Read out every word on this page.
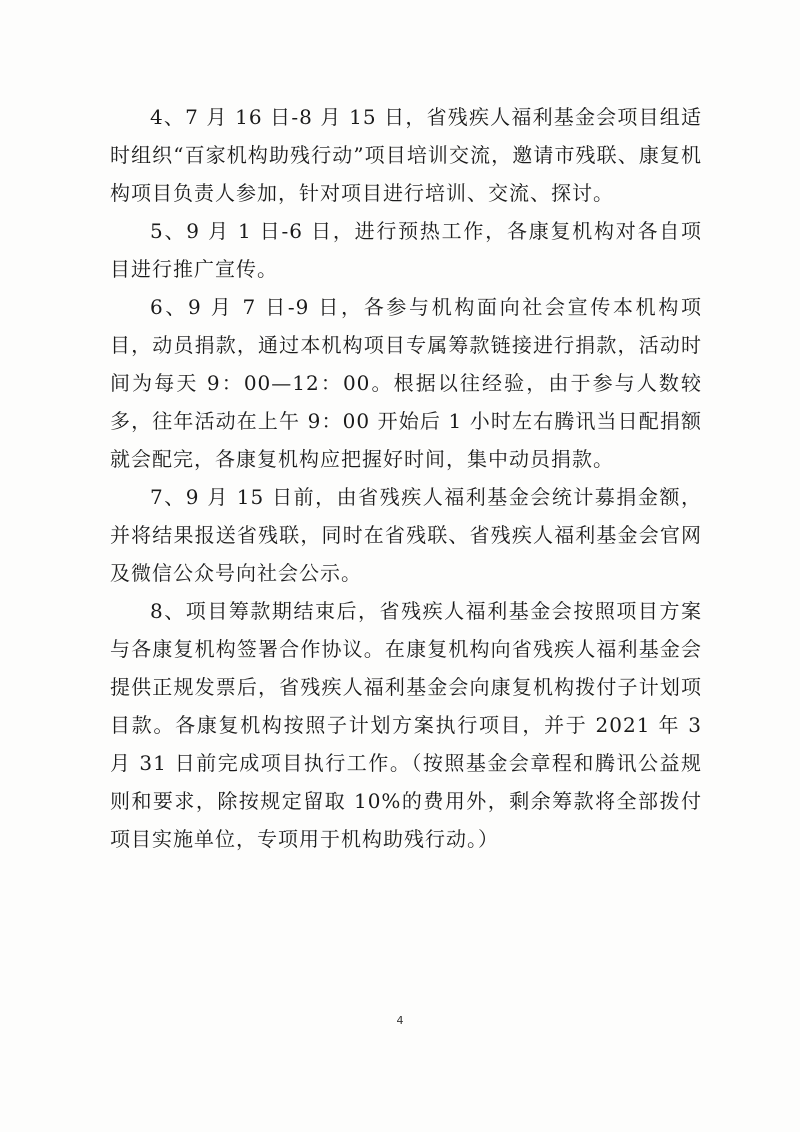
4、7 月 16 日-8 月 15 日，省残疾人福利基金会项目组适时组织“百家机构助残行动”项目培训交流，邀请市残联、康复机构项目负责人参加，针对项目进行培训、交流、探讨。

5、9 月 1 日-6 日，进行预热工作，各康复机构对各自项目进行推广宣传。

6、9 月 7 日-9 日，各参与机构面向社会宣传本机构项目，动员捐款，通过本机构项目专属筹款链接进行捐款，活动时间为每天 9：00—12：00。根据以往经验，由于参与人数较多，往年活动在上午 9：00 开始后 1 小时左右腾讯当日配捐额就会配完，各康复机构应把握好时间，集中动员捐款。

7、9 月 15 日前，由省残疾人福利基金会统计募捐金额，并将结果报送省残联，同时在省残联、省残疾人福利基金会官网及微信公众号向社会公示。

8、项目筹款期结束后，省残疾人福利基金会按照项目方案与各康复机构签署合作协议。在康复机构向省残疾人福利基金会提供正规发票后，省残疾人福利基金会向康复机构拨付子计划项目款。各康复机构按照子计划方案执行项目，并于 2021 年 3 月 31 日前完成项目执行工作。（按照基金会章程和腾讯公益规则和要求，除按规定留取 10%的费用外，剩余筹款将全部拨付项目实施单位，专项用于机构助残行动。）

4
